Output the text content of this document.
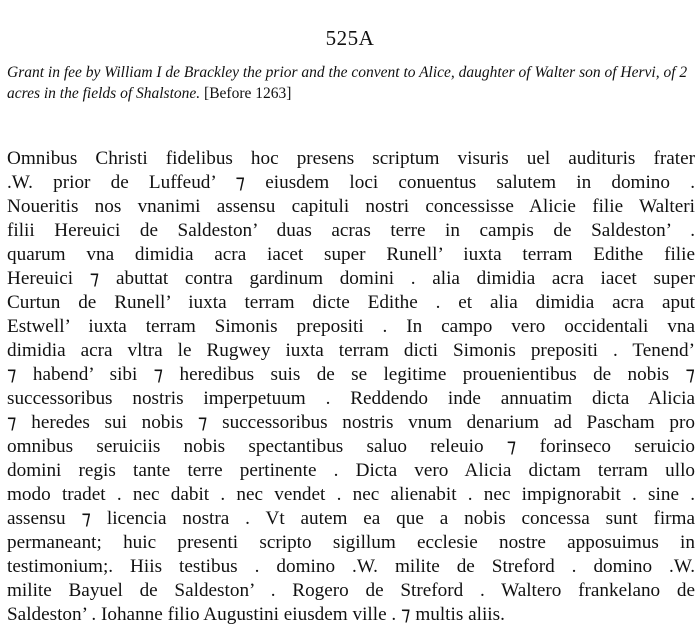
525A
Grant in fee by William I de Brackley the prior and the convent to Alice, daughter of Walter son of Hervi, of 2 acres in the fields of Shalstone. [Before 1263]
Omnibus Christi fidelibus hoc presens scriptum visuris uel audituris frater
.W. prior de Luffeud’ ⁊ eiusdem loci conuentus salutem in domino .
Noueritis nos vnanimi assensu capituli nostri concessisse Alicie filie Walteri
filii Hereuici de Saldeston’ duas acras terre in campis de Saldeston’ .
quarum vna dimidia acra iacet super Runell’ iuxta terram Edithe filie
Hereuici ⁊ abuttat contra gardinum domini . alia dimidia acra iacet super
Curtun de Runell’ iuxta terram dicte Edithe . et alia dimidia acra aput
Estwell’ iuxta terram Simonis prepositi . In campo vero occidentali vna
dimidia acra vltra le Rugwey iuxta terram dicti Simonis prepositi . Tenend’
⁊ habend’ sibi ⁊ heredibus suis de se legitime prouenientibus de nobis ⁊
successoribus nostris imperpetuum . Reddendo inde annuatim dicta Alicia
⁊ heredes sui nobis ⁊ successoribus nostris vnum denarium ad Pascham pro
omnibus seruiciis nobis spectantibus saluo releuio ⁊ forinseco seruicio
domini regis tante terre pertinente . Dicta vero Alicia dictam terram ullo
modo tradet . nec dabit . nec vendet . nec alienabit . nec impignorabit . sine .
assensu ⁊ licencia nostra . Vt autem ea que a nobis concessa sunt firma
permaneant; huic presenti scripto sigillum ecclesie nostre apposuimus in
testimonium;. Hiis testibus . domino .W. milite de Streford . domino .W.
milite Bayuel de Saldeston’ . Rogero de Streford . Waltero frankelano de
Saldeston’ . Iohanne filio Augustini eiusdem ville . ⁊ multis aliis.
